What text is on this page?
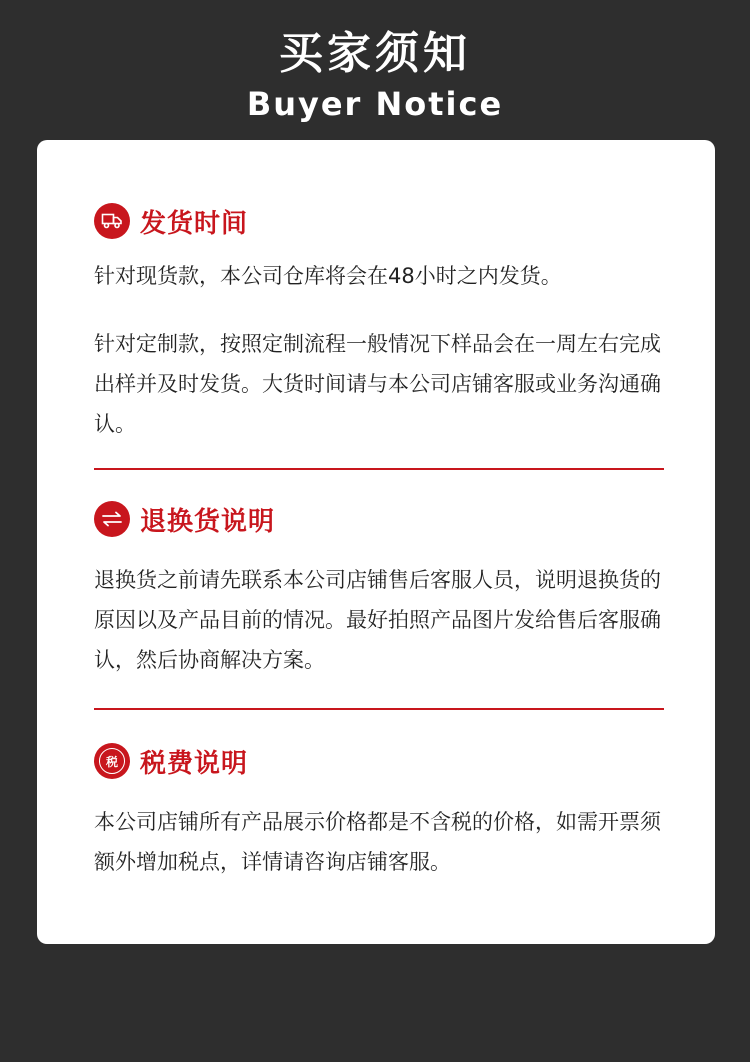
买家须知
Buyer Notice
发货时间

针对现货款，本公司仓库将会在48小时之内发货。

针对定制款，按照定制流程一般情况下样品会在一周左右完成出样并及时发货。大货时间请与本公司店铺客服或业务沟通确认。

退换货说明

退换货之前请先联系本公司店铺售后客服人员，说明退换货的原因以及产品目前的情况。最好拍照产品图片发给售后客服确认，然后协商解决方案。

税 税费说明

本公司店铺所有产品展示价格都是不含税的价格，如需开票须额外增加税点，详情请咨询店铺客服。
